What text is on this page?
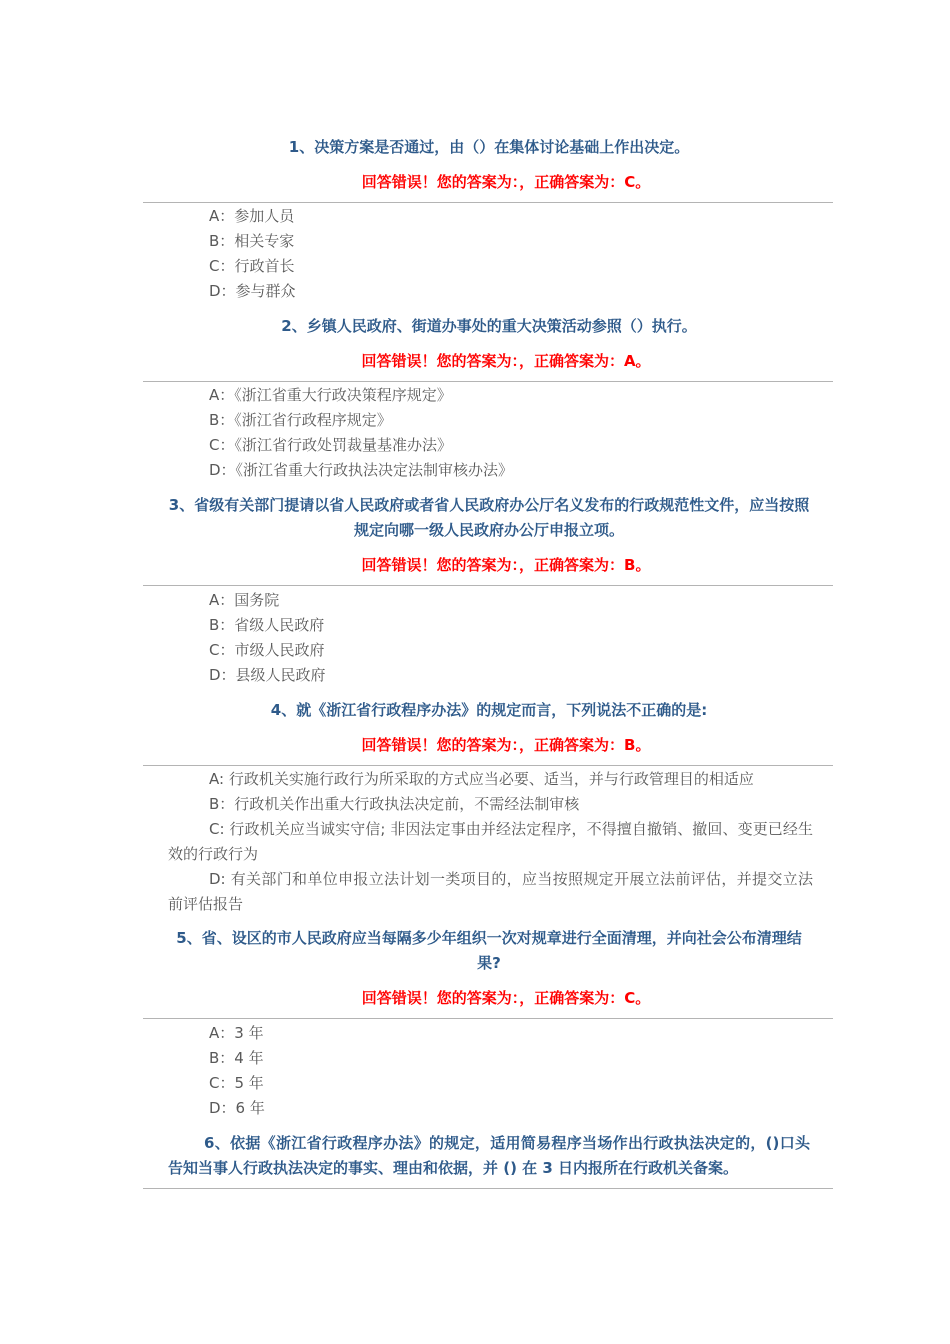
1、决策方案是否通过，由（）在集体讨论基础上作出决定。
回答错误！您的答案为：，正确答案为：C。

A：参加人员

B：相关专家

C：行政首长

D：参与群众

2、乡镇人民政府、街道办事处的重大决策活动参照（）执行。
回答错误！您的答案为：，正确答案为：A。

A：《浙江省重大行政决策程序规定》

B：《浙江省行政程序规定》

C：《浙江省行政处罚裁量基准办法》

D：《浙江省重大行政执法决定法制审核办法》

3、省级有关部门提请以省人民政府或者省人民政府办公厅名义发布的行政规范性文件，应当按照规定向哪一级人民政府办公厅申报立项。
回答错误！您的答案为：，正确答案为：B。

A：国务院

B：省级人民政府

C：市级人民政府

D：县级人民政府

4、就《浙江省行政程序办法》的规定而言，下列说法不正确的是:
回答错误！您的答案为：，正确答案为：B。

A: 行政机关实施行政行为所采取的方式应当必要、适当，并与行政管理目的相适应

B：行政机关作出重大行政执法决定前，不需经法制审核

C: 行政机关应当诚实守信; 非因法定事由并经法定程序，不得擅自撤销、撤回、变更已经生效的行政行为

D: 有关部门和单位申报立法计划一类项目的，应当按照规定开展立法前评估，并提交立法前评估报告

5、省、设区的市人民政府应当每隔多少年组织一次对规章进行全面清理，并向社会公布清理结果?
回答错误！您的答案为：，正确答案为：C。

A：3 年

B：4 年

C：5 年

D：6 年

6、依据《浙江省行政程序办法》的规定，适用简易程序当场作出行政执法决定的，()口头告知当事人行政执法决定的事实、理由和依据，并 () 在 3 日内报所在行政机关备案。
